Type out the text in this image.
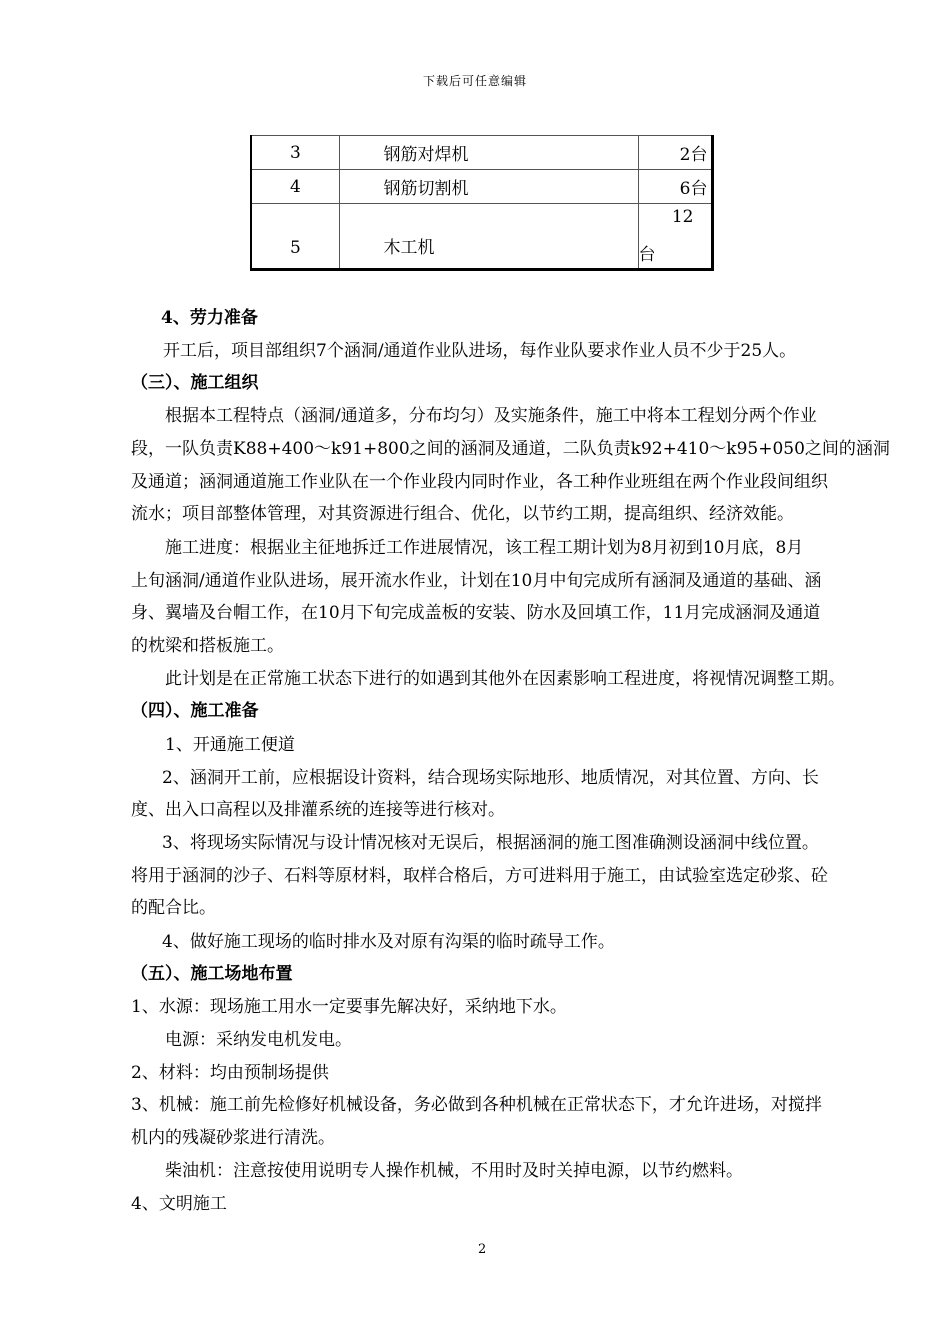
下载后可任意编辑
3	钢筋对焊机	2台
4	钢筋切割机	6台
5	木工机	12
台
4、劳力准备
开工后，项目部组织7个涵洞/通道作业队进场，每作业队要求作业人员不少于25人。
（三）、施工组织
根据本工程特点（涵洞/通道多，分布均匀）及实施条件，施工中将本工程划分两个作业
段，一队负责K88+400～k91+800之间的涵洞及通道，二队负责k92+410～k95+050之间的涵洞
及通道；涵洞通道施工作业队在一个作业段内同时作业，各工种作业班组在两个作业段间组织
流水；项目部整体管理，对其资源进行组合、优化，以节约工期，提高组织、经济效能。
施工进度：根据业主征地拆迁工作进展情况，该工程工期计划为8月初到10月底，8月
上旬涵洞/通道作业队进场，展开流水作业，计划在10月中旬完成所有涵洞及通道的基础、涵
身、翼墙及台帽工作，在10月下旬完成盖板的安装、防水及回填工作，11月完成涵洞及通道
的枕梁和搭板施工。
此计划是在正常施工状态下进行的如遇到其他外在因素影响工程进度，将视情况调整工期。
（四）、施工准备
1、开通施工便道
2、涵洞开工前，应根据设计资料，结合现场实际地形、地质情况，对其位置、方向、长
度、出入口高程以及排灌系统的连接等进行核对。
3、将现场实际情况与设计情况核对无误后，根据涵洞的施工图准确测设涵洞中线位置。
将用于涵洞的沙子、石料等原材料，取样合格后，方可进料用于施工，由试验室选定砂浆、砼
的配合比。
4、做好施工现场的临时排水及对原有沟渠的临时疏导工作。
（五）、施工场地布置
1、水源：现场施工用水一定要事先解决好，采纳地下水。
电源：采纳发电机发电。
2、材料：均由预制场提供
3、机械：施工前先检修好机械设备，务必做到各种机械在正常状态下，才允许进场，对搅拌
机内的残凝砂浆进行清洗。
柴油机：注意按使用说明专人操作机械，不用时及时关掉电源，以节约燃料。
4、文明施工
2
